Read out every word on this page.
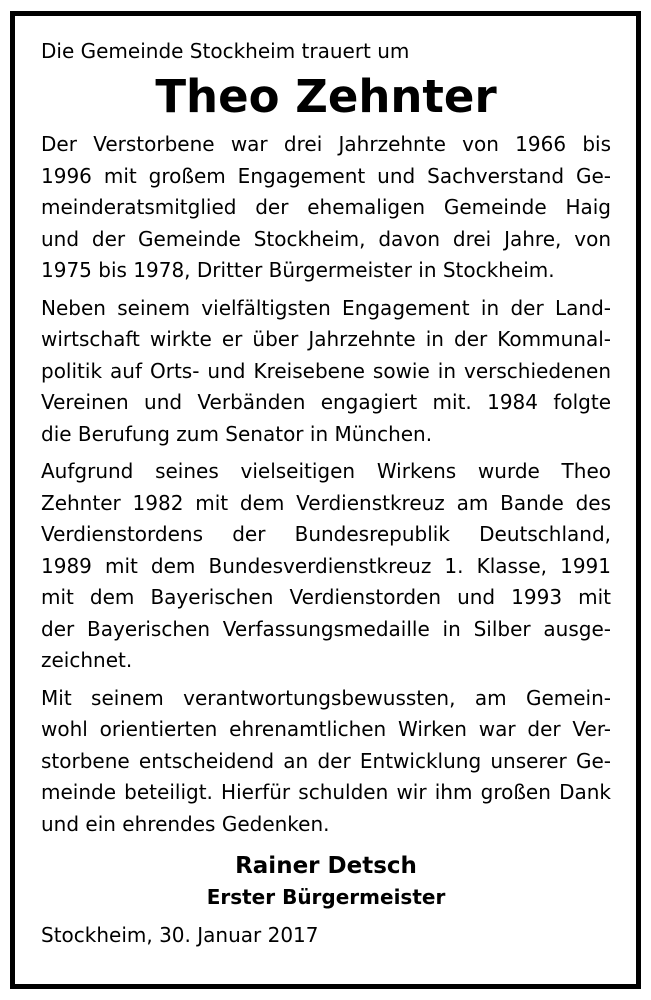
Die Gemeinde Stockheim trauert um

Theo Zehnter

Der Verstorbene war drei Jahrzehnte von 1966 bis
1996 mit großem Engagement und Sachverstand Ge-
meinderatsmitglied der ehemaligen Gemeinde Haig
und der Gemeinde Stockheim, davon drei Jahre, von
1975 bis 1978, Dritter Bürgermeister in Stockheim.

Neben seinem vielfältigsten Engagement in der Land-
wirtschaft wirkte er über Jahrzehnte in der Kommunal-
politik auf Orts- und Kreisebene sowie in verschiedenen
Vereinen und Verbänden engagiert mit. 1984 folgte
die Berufung zum Senator in München.

Aufgrund seines vielseitigen Wirkens wurde Theo
Zehnter 1982 mit dem Verdienstkreuz am Bande des
Verdienstordens der Bundesrepublik Deutschland,
1989 mit dem Bundesverdienstkreuz 1. Klasse, 1991
mit dem Bayerischen Verdienstorden und 1993 mit
der Bayerischen Verfassungsmedaille in Silber ausge-
zeichnet.

Mit seinem verantwortungsbewussten, am Gemein-
wohl orientierten ehrenamtlichen Wirken war der Ver-
storbene entscheidend an der Entwicklung unserer Ge-
meinde beteiligt. Hierfür schulden wir ihm großen Dank
und ein ehrendes Gedenken.

Rainer Detsch
Erster Bürgermeister
Stockheim, 30. Januar 2017
